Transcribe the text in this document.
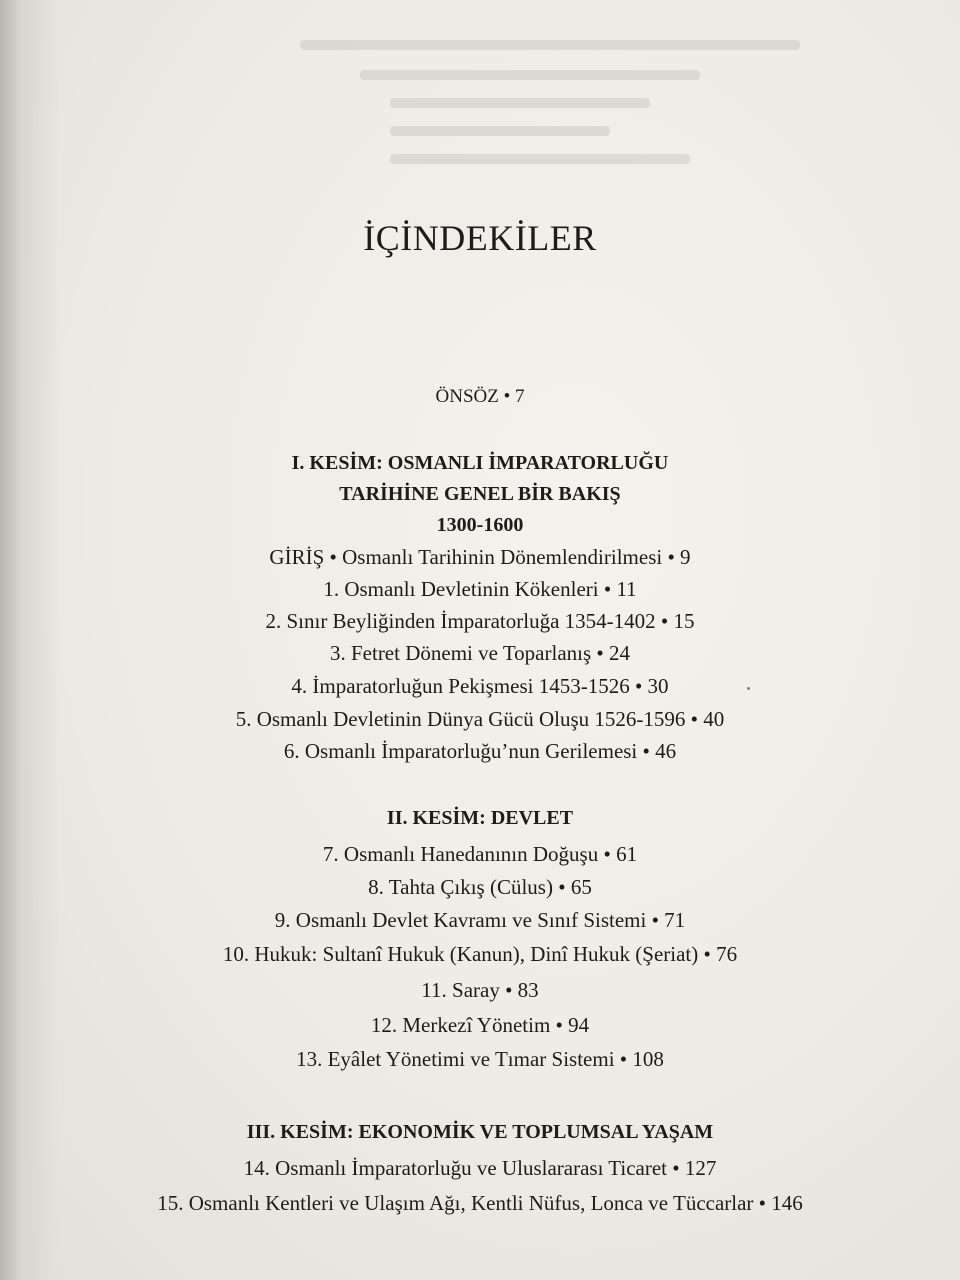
İÇİNDEKİLER
ÖNSÖZ • 7
I. KESİM: OSMANLI İMPARATORLUĞU
TARİHİNE GENEL BİR BAKIŞ
1300-1600
GİRİŞ • Osmanlı Tarihinin Dönemlendirilmesi • 9
1. Osmanlı Devletinin Kökenleri • 11
2. Sınır Beyliğinden İmparatorluğa 1354-1402 • 15
3. Fetret Dönemi ve Toparlanış • 24
4. İmparatorluğun Pekişmesi 1453-1526 • 30
5. Osmanlı Devletinin Dünya Gücü Oluşu 1526-1596 • 40
6. Osmanlı İmparatorluğu’nun Gerilemesi • 46
II. KESİM: DEVLET
7. Osmanlı Hanedanının Doğuşu • 61
8. Tahta Çıkış (Cülus) • 65
9. Osmanlı Devlet Kavramı ve Sınıf Sistemi • 71
10. Hukuk: Sultanî Hukuk (Kanun), Dinî Hukuk (Şeriat) • 76
11. Saray • 83
12. Merkezî Yönetim • 94
13. Eyâlet Yönetimi ve Tımar Sistemi • 108
III. KESİM: EKONOMİK VE TOPLUMSAL YAŞAM
14. Osmanlı İmparatorluğu ve Uluslararası Ticaret • 127
15. Osmanlı Kentleri ve Ulaşım Ağı, Kentli Nüfus, Lonca ve Tüccarlar • 146
